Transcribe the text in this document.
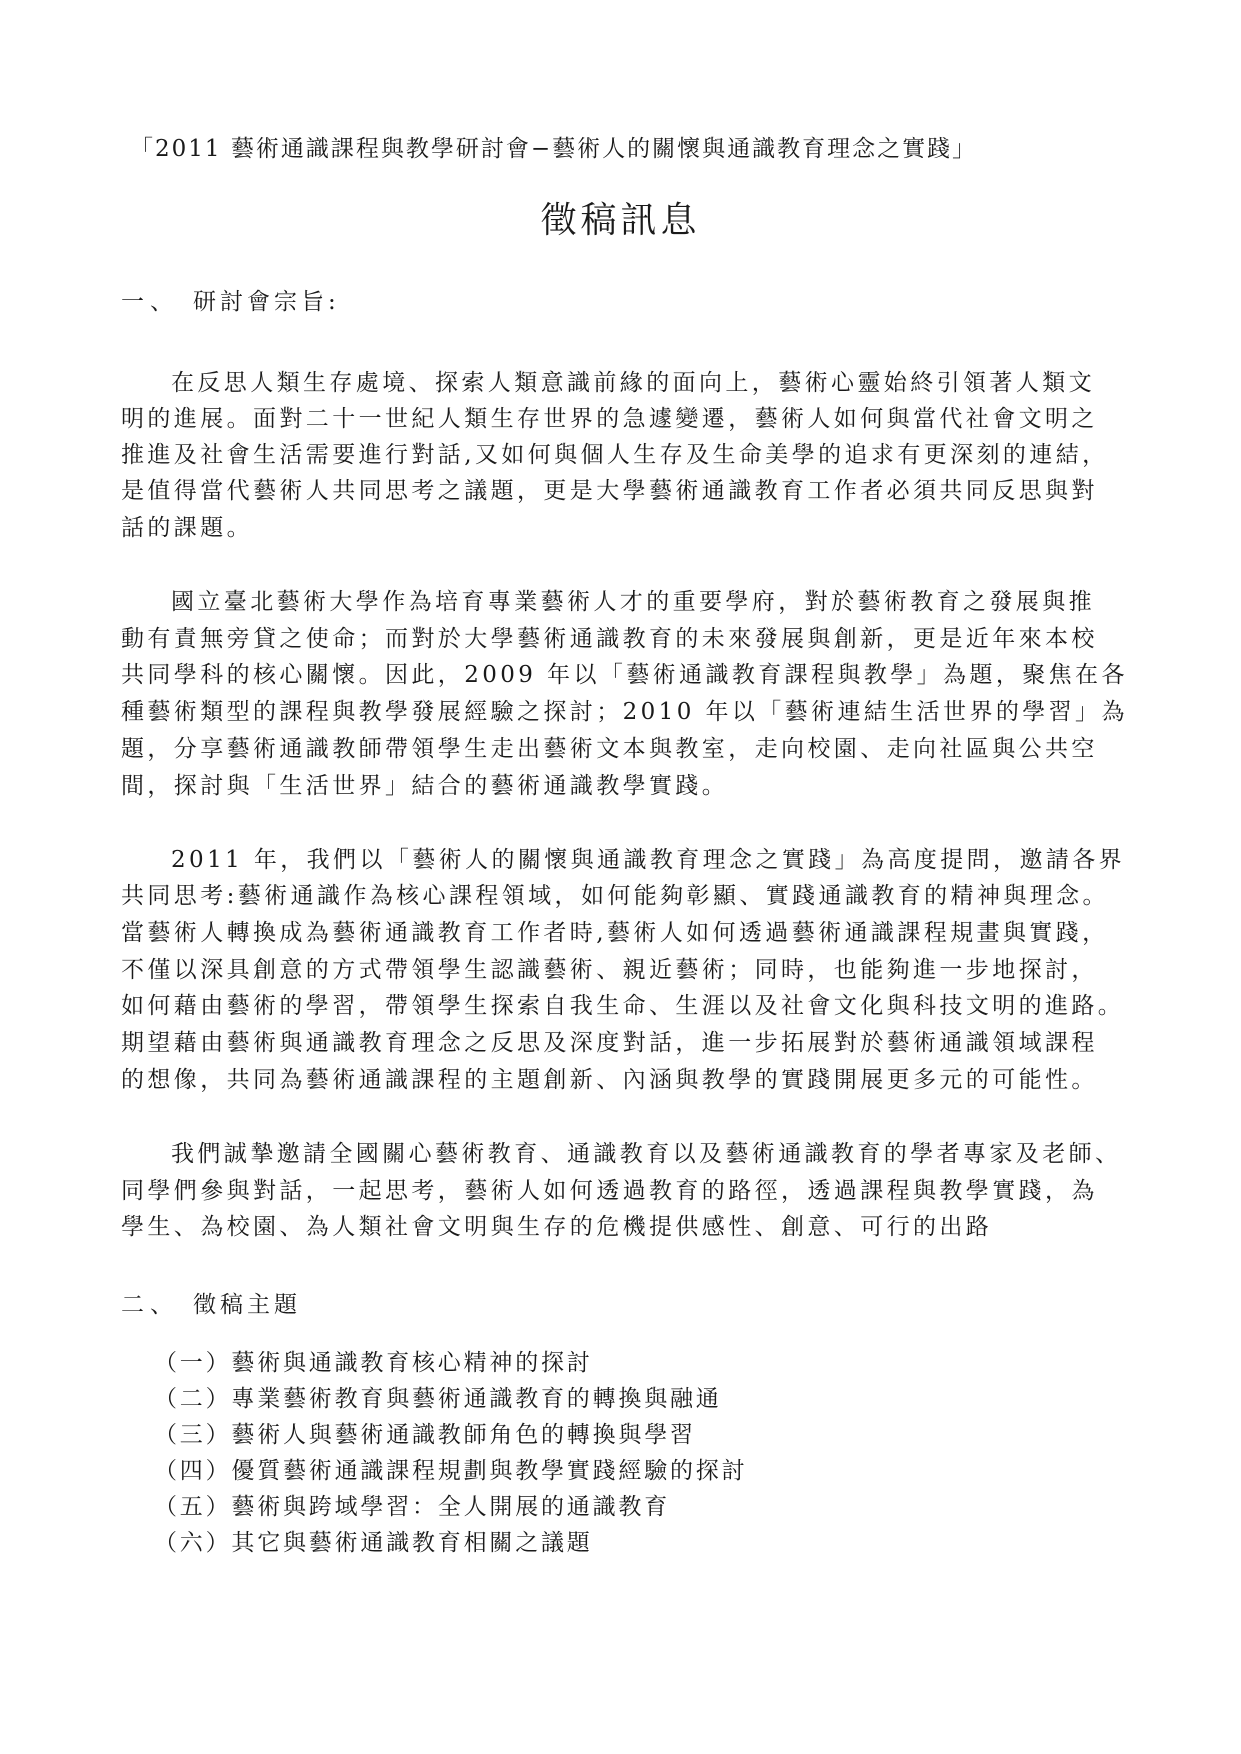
「2011 藝術通識課程與教學研討會−藝術人的關懷與通識教育理念之實踐」
徵稿訊息
一、 研討會宗旨:
在反思人類生存處境、探索人類意識前緣的面向上，藝術心靈始終引領著人類文
明的進展。面對二十一世紀人類生存世界的急遽變遷，藝術人如何與當代社會文明之
推進及社會生活需要進行對話,又如何與個人生存及生命美學的追求有更深刻的連結，
是值得當代藝術人共同思考之議題，更是大學藝術通識教育工作者必須共同反思與對
話的課題。
國立臺北藝術大學作為培育專業藝術人才的重要學府，對於藝術教育之發展與推
動有責無旁貸之使命；而對於大學藝術通識教育的未來發展與創新，更是近年來本校
共同學科的核心關懷。因此，2009 年以「藝術通識教育課程與教學」為題，聚焦在各
種藝術類型的課程與教學發展經驗之探討；2010 年以「藝術連結生活世界的學習」為
題，分享藝術通識教師帶領學生走出藝術文本與教室，走向校園、走向社區與公共空
間，探討與「生活世界」結合的藝術通識教學實踐。
2011 年，我們以「藝術人的關懷與通識教育理念之實踐」為高度提問，邀請各界
共同思考:藝術通識作為核心課程領域，如何能夠彰顯、實踐通識教育的精神與理念。
當藝術人轉換成為藝術通識教育工作者時,藝術人如何透過藝術通識課程規畫與實踐，
不僅以深具創意的方式帶領學生認識藝術、親近藝術；同時，也能夠進一步地探討，
如何藉由藝術的學習，帶領學生探索自我生命、生涯以及社會文化與科技文明的進路。
期望藉由藝術與通識教育理念之反思及深度對話，進一步拓展對於藝術通識領域課程
的想像，共同為藝術通識課程的主題創新、內涵與教學的實踐開展更多元的可能性。
我們誠摯邀請全國關心藝術教育、通識教育以及藝術通識教育的學者專家及老師、
同學們參與對話，一起思考，藝術人如何透過教育的路徑，透過課程與教學實踐，為
學生、為校園、為人類社會文明與生存的危機提供感性、創意、可行的出路
二、 徵稿主題
（一）藝術與通識教育核心精神的探討
（二）專業藝術教育與藝術通識教育的轉換與融通
（三）藝術人與藝術通識教師角色的轉換與學習
（四）優質藝術通識課程規劃與教學實踐經驗的探討
（五）藝術與跨域學習：全人開展的通識教育
（六）其它與藝術通識教育相關之議題
